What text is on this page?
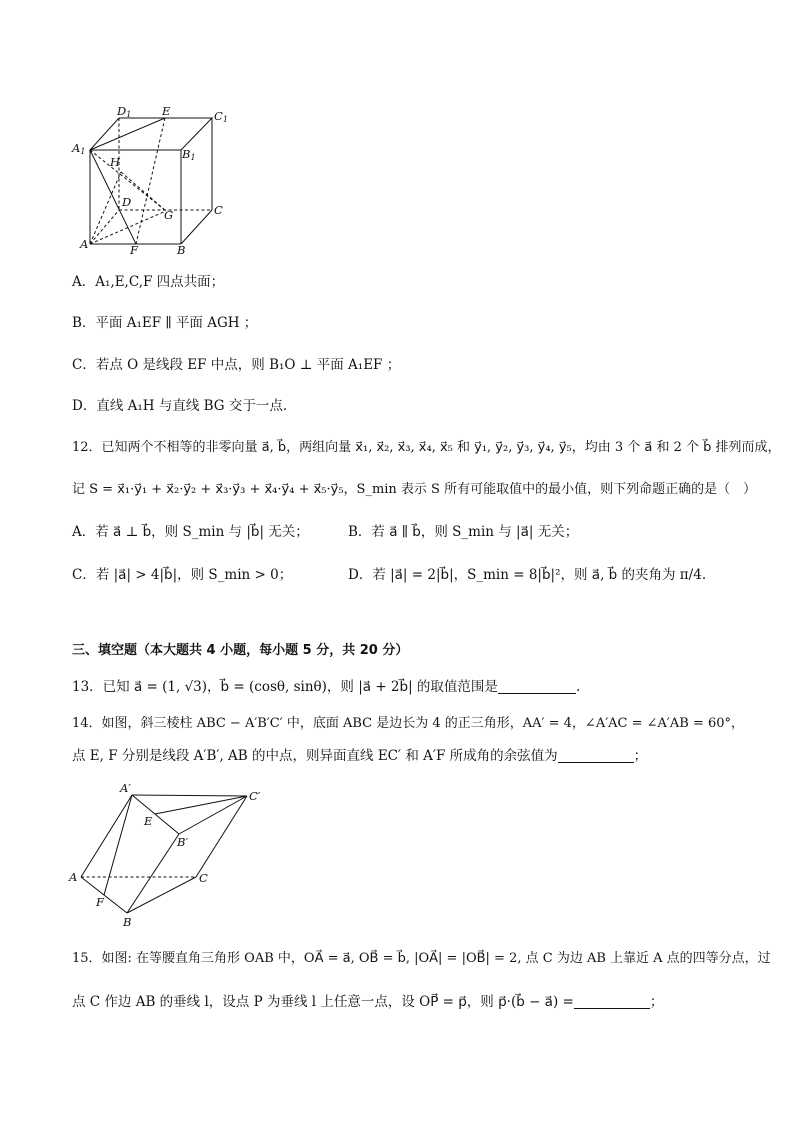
D1	E	C1
A1	B1
H
D
G	C
A	F	B
A．A₁,E,C,F 四点共面；
B．平面 A₁EF ∥ 平面 AGH ；
C．若点 O 是线段 EF 中点，则 B₁O ⊥ 平面 A₁EF ；
D．直线 A₁H 与直线 BG 交于一点.
12．已知两个不相等的非零向量 a⃗, b⃗，两组向量 x⃗₁, x⃗₂, x⃗₃, x⃗₄, x⃗₅ 和 y⃗₁, y⃗₂, y⃗₃, y⃗₄, y⃗₅，均由 3 个 a⃗ 和 2 个 b⃗ 排列而成，
记 S = x⃗₁·y⃗₁ + x⃗₂·y⃗₂ + x⃗₃·y⃗₃ + x⃗₄·y⃗₄ + x⃗₅·y⃗₅，S_min 表示 S 所有可能取值中的最小值，则下列命题正确的是（　）
A．若 a⃗ ⊥ b⃗，则 S_min 与 |b⃗| 无关；	B．若 a⃗ ∥ b⃗，则 S_min 与 |a⃗| 无关；
C．若 |a⃗| > 4|b⃗|，则 S_min > 0；	D．若 |a⃗| = 2|b⃗|，S_min = 8|b⃗|²，则 a⃗, b⃗ 的夹角为 π/4.
三、填空题（本大题共 4 小题，每小题 5 分，共 20 分）
13．已知 a⃗ = (1, √3)，b⃗ = (cosθ, sinθ)，则 |a⃗ + 2b⃗| 的取值范围是	.
14．如图，斜三棱柱 ABC − A′B′C′ 中，底面 ABC 是边长为 4 的正三角形，AA′ = 4，∠A′AC = ∠A′AB = 60°，
点 E, F 分别是线段 A′B′, AB 的中点，则异面直线 EC′ 和 A′F 所成角的余弦值为	；
A′
C′
E
B′
A	C
F
B
15．如图: 在等腰直角三角形 OAB 中，OA⃗ = a⃗, OB⃗ = b⃗, |OA⃗| = |OB⃗| = 2, 点 C 为边 AB 上靠近 A 点的四等分点，过
点 C 作边 AB 的垂线 l，设点 P 为垂线 l 上任意一点，设 OP⃗ = p⃗，则 p⃗·(b⃗ − a⃗) =	；
